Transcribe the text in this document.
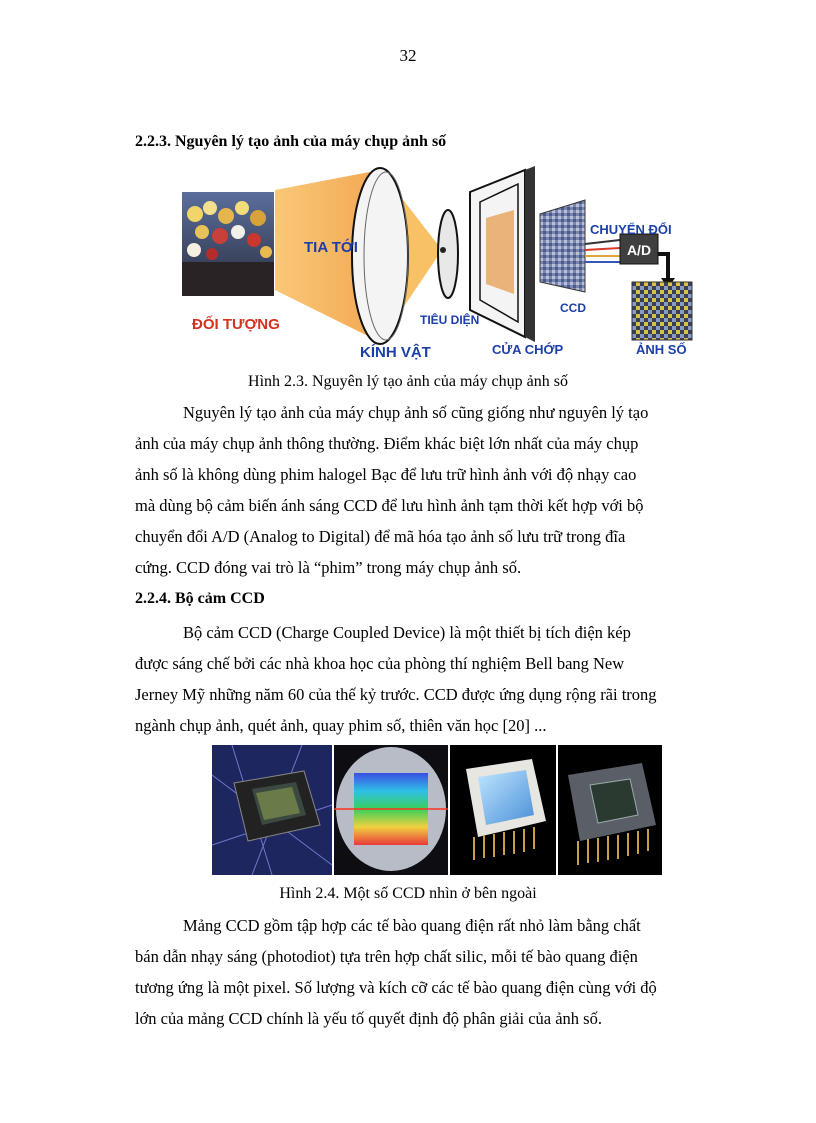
32
2.2.3. Nguyên lý tạo ảnh của máy chụp ảnh số
A/D
TIA TỚI
ĐỐI TƯỢNG
KÍNH VẬT
TIÊU DIỆN
CỬA CHỚP
CCD
CHUYỂN ĐỔI
ẢNH SỐ
Hình 2.3. Nguyên lý tạo ảnh của máy chụp ảnh số

Nguyên lý tạo ảnh của máy chụp ảnh số cũng giống như nguyên lý tạo

ảnh của máy chụp ảnh thông thường. Điểm khác biệt lớn nhất của máy chụp

ảnh số là không dùng phim halogel Bạc để lưu trữ hình ảnh với độ nhạy cao

mà dùng bộ cảm biến ánh sáng CCD để lưu hình ảnh tạm thời kết hợp với bộ

chuyển đổi A/D (Analog to Digital) để mã hóa tạo ảnh số lưu trữ trong đĩa

cứng. CCD đóng vai trò là “phim” trong máy chụp ảnh số.

2.2.4. Bộ cảm CCD

Bộ cảm CCD (Charge Coupled Device) là một thiết bị tích điện kép

được sáng chế bởi các nhà khoa học của phòng thí nghiệm Bell bang New

Jerney Mỹ những năm 60 của thế kỷ trước. CCD được ứng dụng rộng rãi trong

ngành chụp ảnh, quét ảnh, quay phim số, thiên văn học [20] ...

Hình 2.4. Một số CCD nhìn ở bên ngoài

Mảng CCD gồm tập hợp các tế bào quang điện rất nhỏ làm bằng chất

bán dẫn nhạy sáng (photodiot) tựa trên hợp chất silic, mỗi tế bào quang điện

tương ứng là một pixel. Số lượng và kích cỡ các tế bào quang điện cùng với độ

lớn của mảng CCD chính là yếu tố quyết định độ phân giải của ảnh số.
